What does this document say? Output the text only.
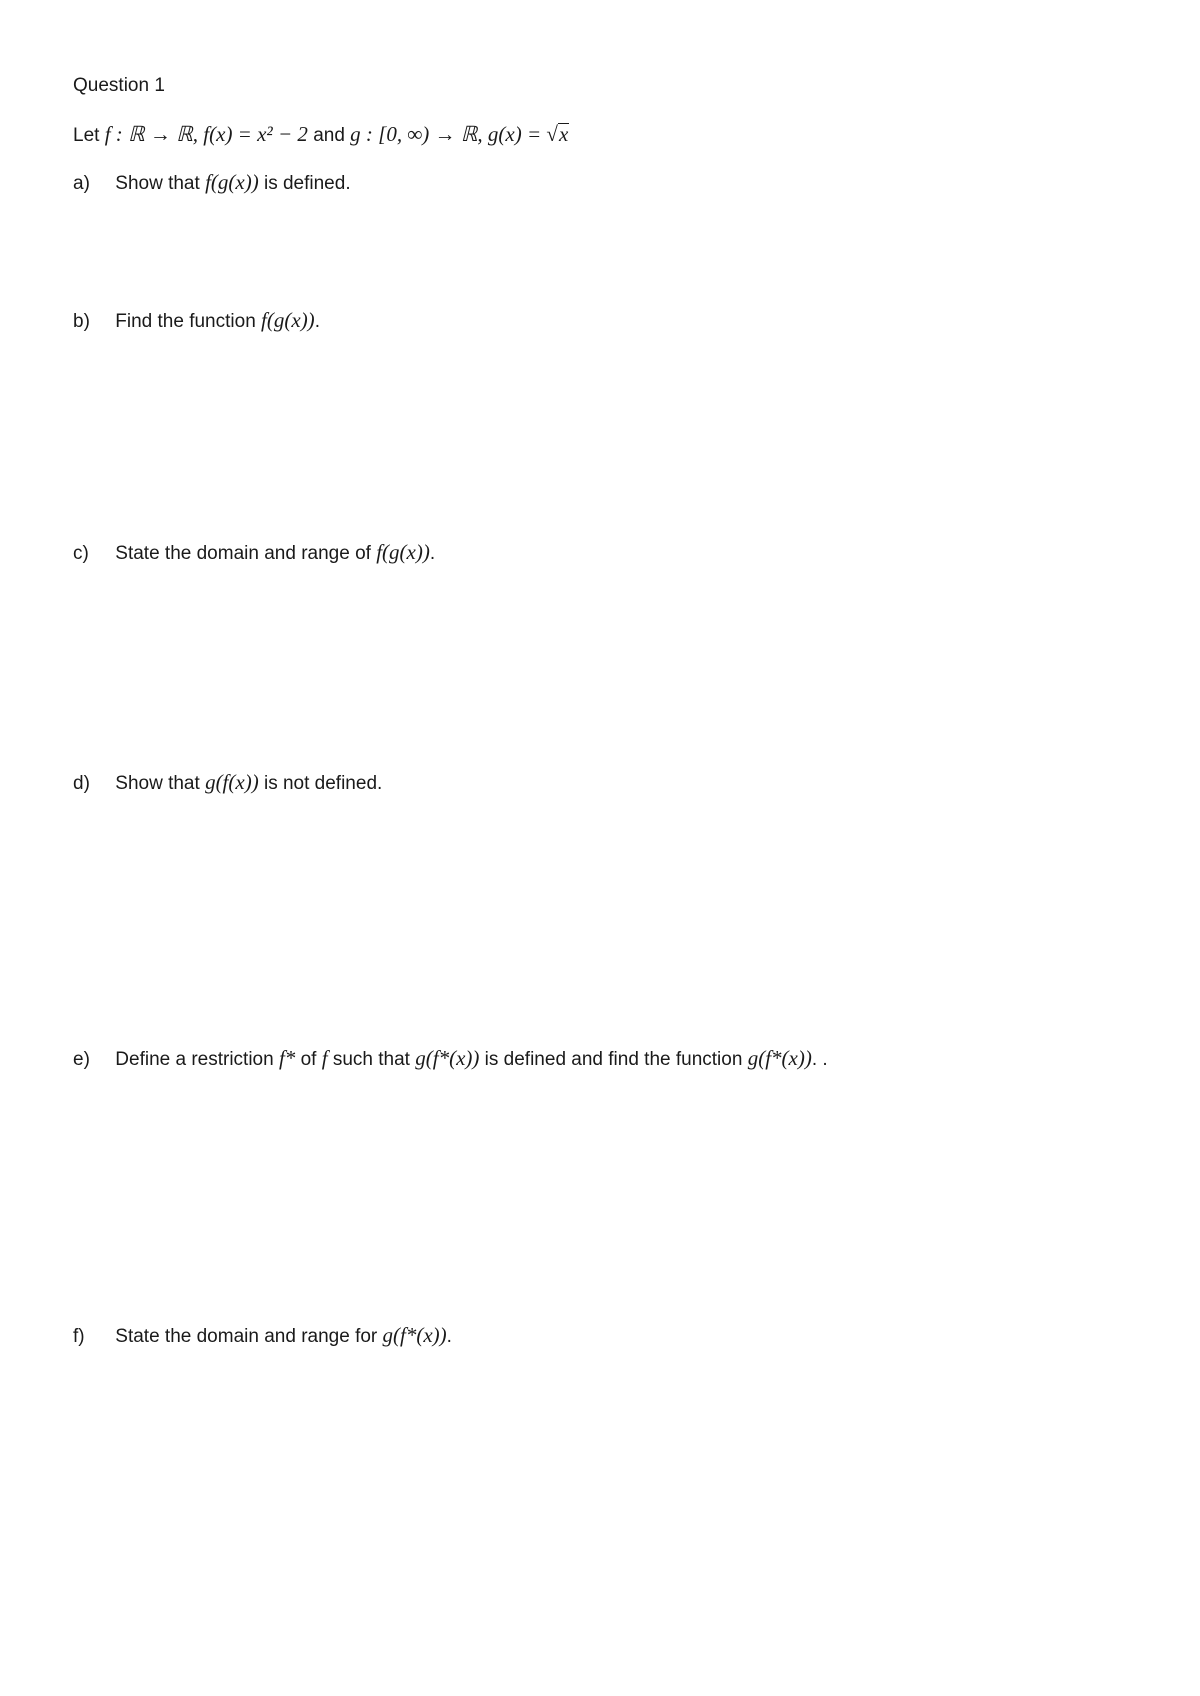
Question 1
Let f : ℝ → ℝ, f(x) = x² − 2 and g : [0, ∞) → ℝ, g(x) = √x
a) Show that f(g(x)) is defined.
b) Find the function f(g(x)).
c) State the domain and range of f(g(x)).
d) Show that g(f(x)) is not defined.
e) Define a restriction f* of f such that g(f*(x)) is defined and find the function g(f*(x)). .
f) State the domain and range for g(f*(x)).
